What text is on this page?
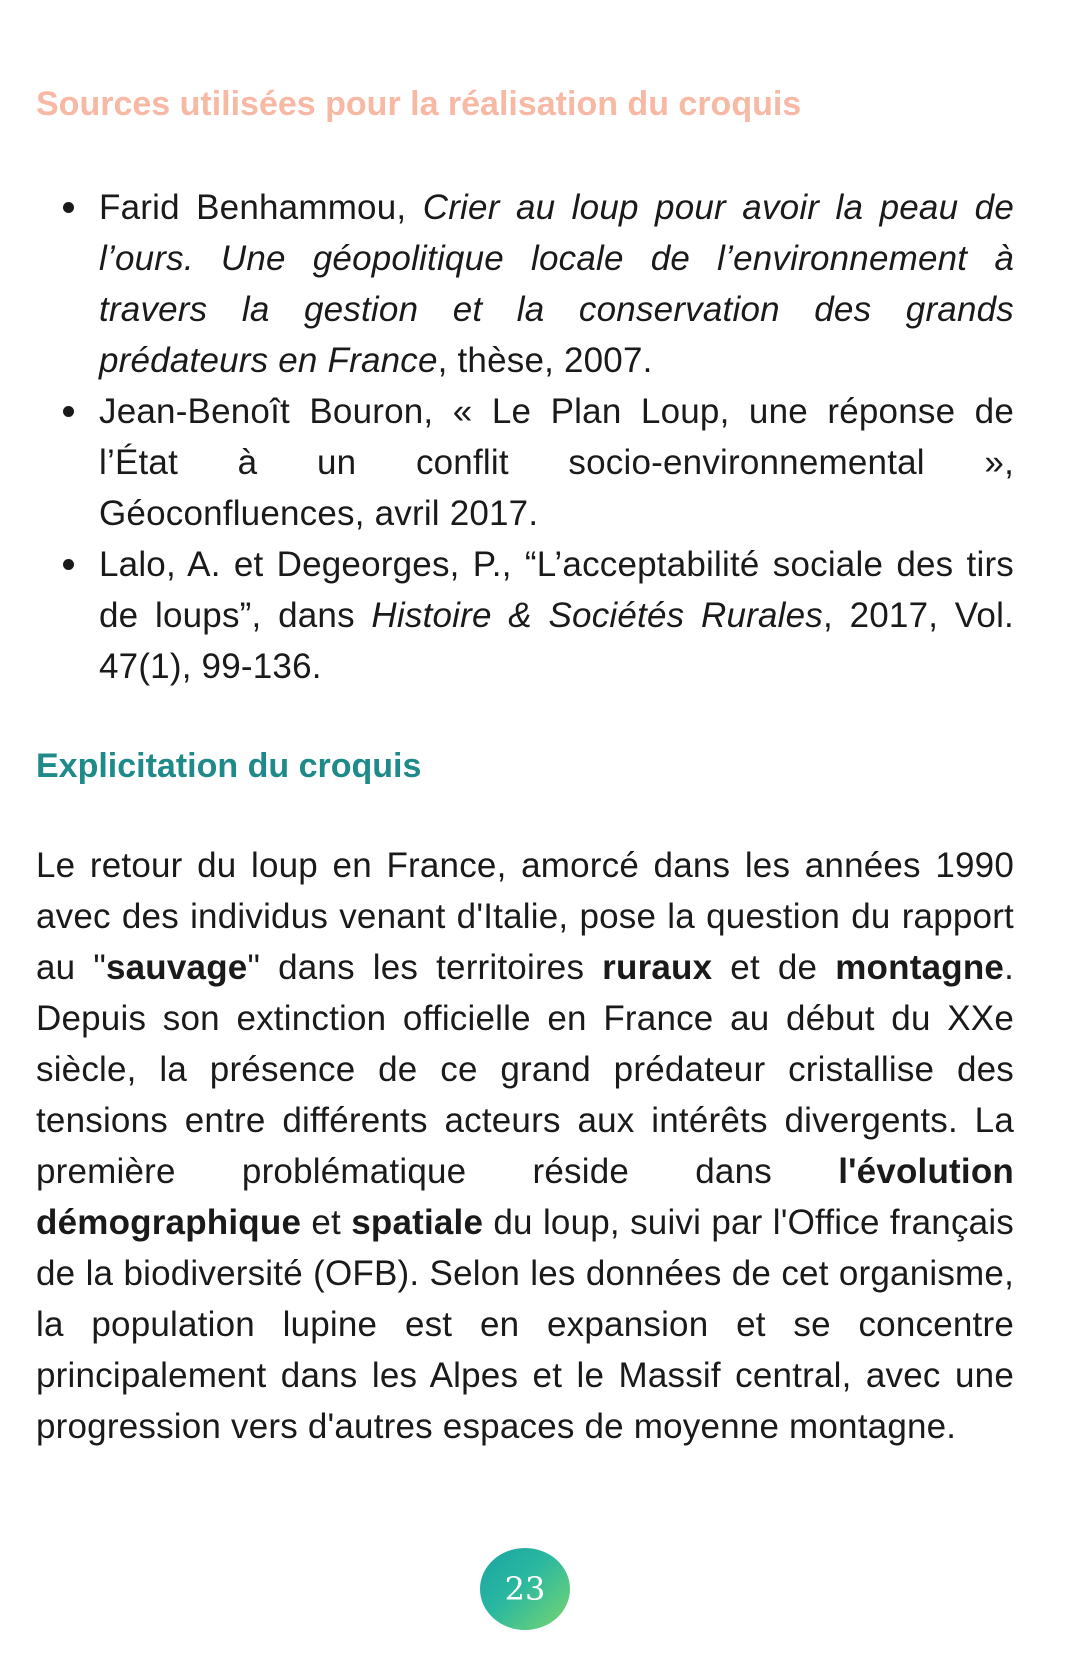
Sources utilisées pour la réalisation du croquis
Farid Benhammou, Crier au loup pour avoir la peau de l’ours. Une géopolitique locale de l’environnement à travers la gestion et la conservation des grands prédateurs en France, thèse, 2007.
Jean-Benoît Bouron, « Le Plan Loup, une réponse de l’État à un conflit socio-environnemental », Géoconfluences, avril 2017.
Lalo, A. et Degeorges, P., “L’acceptabilité sociale des tirs de loups”, dans Histoire & Sociétés Rurales, 2017, Vol. 47(1), 99-136.
Explicitation du croquis

Le retour du loup en France, amorcé dans les années 1990 avec des individus venant d'Italie, pose la question du rapport au "sauvage" dans les territoires ruraux et de montagne. Depuis son extinction officielle en France au début du XXe siècle, la présence de ce grand prédateur cristallise des tensions entre différents acteurs aux intérêts divergents. La première problématique réside dans l'évolution démographique et spatiale du loup, suivi par l'Office français de la biodiversité (OFB). Selon les données de cet organisme, la population lupine est en expansion et se concentre principalement dans les Alpes et le Massif central, avec une progression vers d'autres espaces de moyenne montagne.

23
